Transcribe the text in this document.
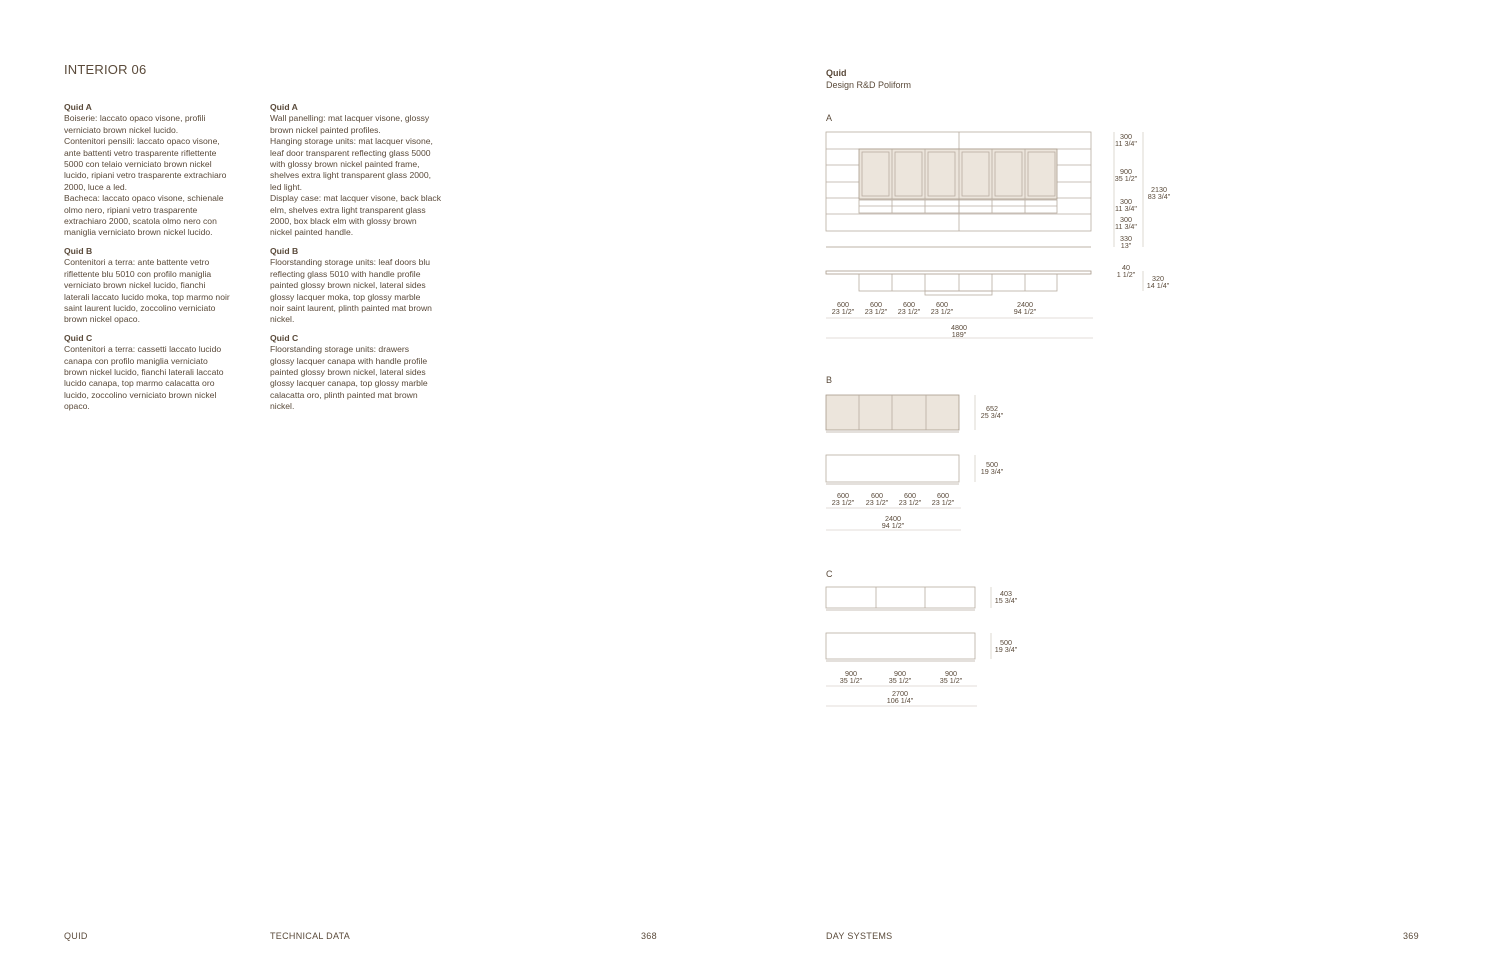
INTERIOR 06
Quid A

Boiserie: laccato opaco visone, profili
verniciato brown nickel lucido.
Contenitori pensili: laccato opaco visone,
ante battenti vetro trasparente riflettente
5000 con telaio verniciato brown nickel
lucido, ripiani vetro trasparente extrachiaro
2000, luce a led.
Bacheca: laccato opaco visone, schienale
olmo nero, ripiani vetro trasparente
extrachiaro 2000, scatola olmo nero con
maniglia verniciato brown nickel lucido.

Quid B

Contenitori a terra: ante battente vetro
riflettente blu 5010 con profilo maniglia
verniciato brown nickel lucido, fianchi
laterali laccato lucido moka, top marmo noir
saint laurent lucido, zoccolino verniciato
brown nickel opaco.

Quid C

Contenitori a terra: cassetti laccato lucido
canapa con profilo maniglia verniciato
brown nickel lucido, fianchi laterali laccato
lucido canapa, top marmo calacatta oro
lucido, zoccolino verniciato brown nickel
opaco.

Quid A

Wall panelling: mat lacquer visone, glossy
brown nickel painted profiles.
Hanging storage units: mat lacquer visone,
leaf door transparent reflecting glass 5000
with glossy brown nickel painted frame,
shelves extra light transparent glass 2000,
led light.
Display case: mat lacquer visone, back black
elm, shelves extra light transparent glass
2000, box black elm with glossy brown
nickel painted handle.

Quid B

Floorstanding storage units: leaf doors blu
reflecting glass 5010 with handle profile
painted glossy brown nickel, lateral sides
glossy lacquer moka, top glossy marble
noir saint laurent, plinth painted mat brown
nickel.

Quid C

Floorstanding storage units: drawers
glossy lacquer canapa with handle profile
painted glossy brown nickel, lateral sides
glossy lacquer canapa, top glossy marble
calacatta oro, plinth painted mat brown
nickel.

QUID	TECHNICAL DATA	368
Quid
Design R&D Poliform
A
B
C
300
11 3/4"
900
35 1/2"
300
11 3/4"
300
11 3/4"
330
13"
2130
83 3/4"
40
1 1/2" 320
14 1/4"
600
23 1/2"
600
23 1/2"
600
23 1/2"
600
23 1/2"
2400
94 1/2"
4800
189"
652
25 3/4"
500
19 3/4"
600
23 1/2"
600
23 1/2"
600
23 1/2"
600
23 1/2"
2400
94 1/2"
403
15 3/4"
500
19 3/4"
900
35 1/2"
900
35 1/2"
900
35 1/2"
2700
106 1/4"
DAY SYSTEMS	369
